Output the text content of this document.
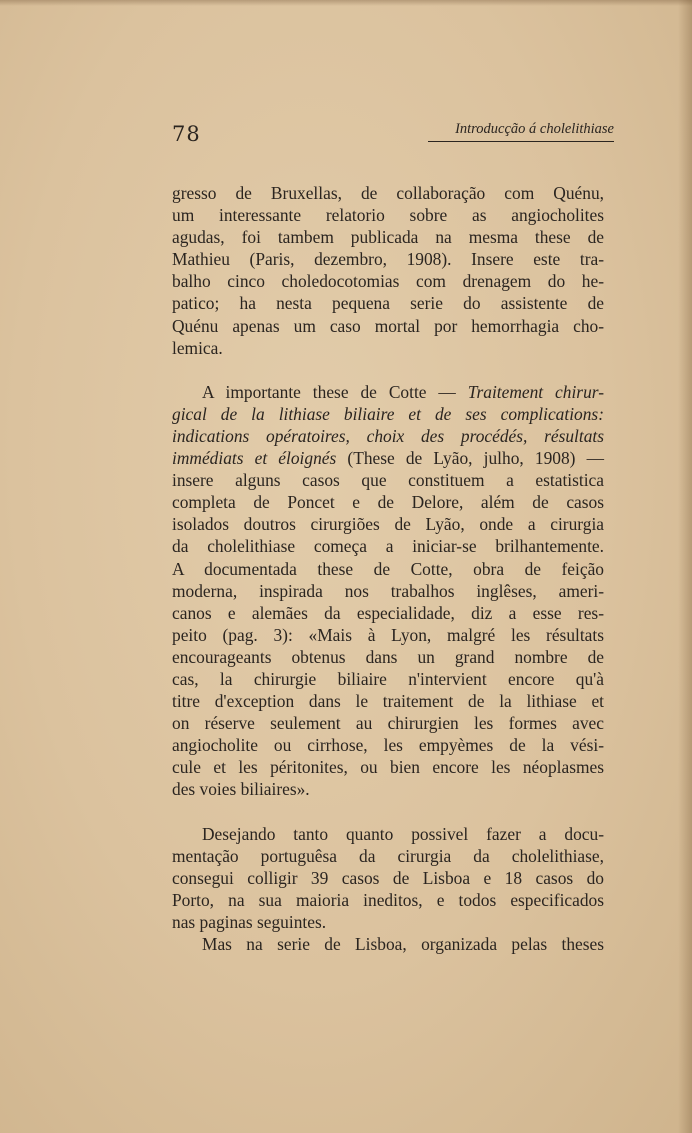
78	Introducção á cholelithiase
gresso de Bruxellas, de collaboração com Quénu,
um interessante relatorio sobre as angiocholites
agudas, foi tambem publicada na mesma these de
Mathieu (Paris, dezembro, 1908). Insere este tra-
balho cinco choledocotomias com drenagem do he-
patico; ha nesta pequena serie do assistente de
Quénu apenas um caso mortal por hemorrhagia cho-
lemica.
A importante these de Cotte — Traitement chirur-
gical de la lithiase biliaire et de ses complications:
indications opératoires, choix des procédés, résultats
immédiats et éloignés (These de Lyão, julho, 1908) —
insere alguns casos que constituem a estatistica
completa de Poncet e de Delore, além de casos
isolados doutros cirurgiões de Lyão, onde a cirurgia
da cholelithiase começa a iniciar-se brilhantemente.
A documentada these de Cotte, obra de feição
moderna, inspirada nos trabalhos inglêses, ameri-
canos e alemães da especialidade, diz a esse res-
peito (pag. 3): «Mais à Lyon, malgré les résultats
encourageants obtenus dans un grand nombre de
cas, la chirurgie biliaire n'intervient encore qu'à
titre d'exception dans le traitement de la lithiase et
on réserve seulement au chirurgien les formes avec
angiocholite ou cirrhose, les empyèmes de la vési-
cule et les péritonites, ou bien encore les néoplasmes
des voies biliaires».
Desejando tanto quanto possivel fazer a docu-
mentação portuguêsa da cirurgia da cholelithiase,
consegui colligir 39 casos de Lisboa e 18 casos do
Porto, na sua maioria ineditos, e todos especificados
nas paginas seguintes.
Mas na serie de Lisboa, organizada pelas theses
